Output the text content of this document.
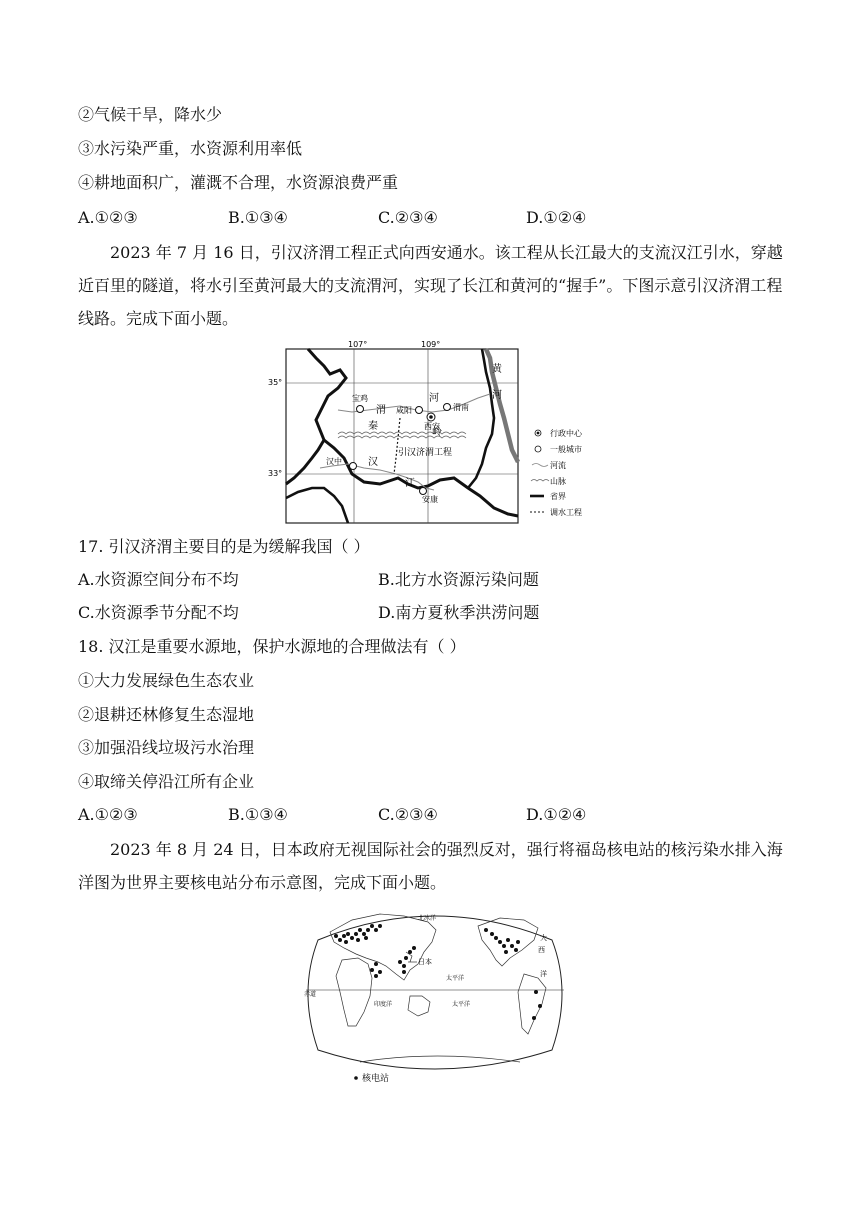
②气候干旱，降水少
③水污染严重，水资源利用率低
④耕地面积广，灌溉不合理，水资源浪费严重
A.①②③	B.①③④	C.②③④	D.①②④
2023 年 7 月 16 日，引汉济渭工程正式向西安通水。该工程从长江最大的支流汉江引水，穿越近百里的隧道，将水引至黄河最大的支流渭河，实现了长江和黄河的“握手”。下图示意引汉济渭工程线路。完成下面小题。
107°	109°
35°
33°
宝鸡
咸阳
西安
渭南
汉中
安康
黄
河
河
渭
秦
岭
汉
江
引汉济渭工程
行政中心
一般城市
河流
山脉
省界
调水工程
17. 引汉济渭主要目的是为缓解我国（ ）
A.水资源空间分布不均	B.北方水资源污染问题
C.水资源季节分配不均	D.南方夏秋季洪涝问题
18. 汉江是重要水源地，保护水源地的合理做法有（ ）
①大力发展绿色生态农业
②退耕还林修复生态湿地
③加强沿线垃圾污水治理
④取缔关停沿江所有企业
A.①②③	B.①③④	C.②③④	D.①②④
2023 年 8 月 24 日，日本政府无视国际社会的强烈反对，强行将福岛核电站的核污染水排入海洋图为世界主要核电站分布示意图，完成下面小题。
北冰洋
日本
太平洋
大
西
洋
赤道
印度洋	太平洋
核电站
